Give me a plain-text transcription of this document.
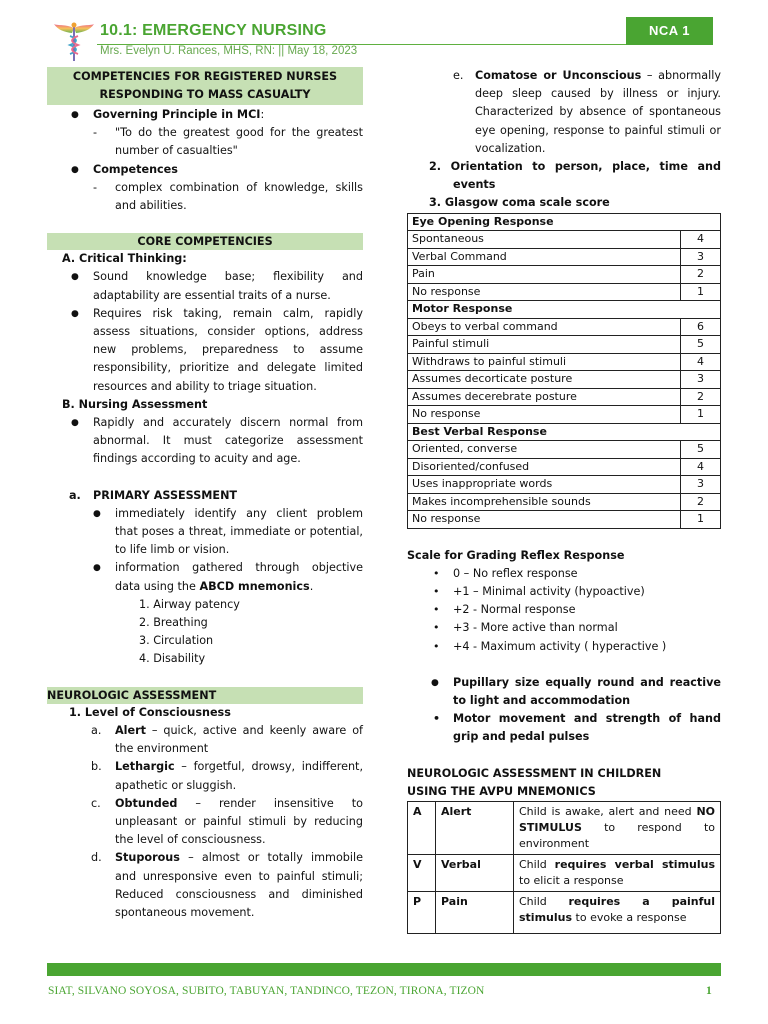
10.1: EMERGENCY NURSING
Mrs. Evelyn U. Rances, MHS, RN: || May 18, 2023
NCA 1
COMPETENCIES FOR REGISTERED NURSES
RESPONDING TO MASS CASUALTY
● Governing Principle in MCI:
- "To do the greatest good for the greatest number of casualties"
● Competences
- complex combination of knowledge, skills and abilities.
CORE COMPETENCIES
A. Critical Thinking:
● Sound knowledge base; flexibility and adaptability are essential traits of a nurse.
● Requires risk taking, remain calm, rapidly assess situations, consider options, address new problems, preparedness to assume responsibility, prioritize and delegate limited resources and ability to triage situation.
B. Nursing Assessment
● Rapidly and accurately discern normal from abnormal. It must categorize assessment findings according to acuity and age.
a. PRIMARY ASSESSMENT
● immediately identify any client problem that poses a threat, immediate or potential, to life limb or vision.
● information gathered through objective data using the ABCD mnemonics.
1. Airway patency
2. Breathing
3. Circulation
4. Disability
NEUROLOGIC ASSESSMENT
1. Level of Consciousness
a. Alert – quick, active and keenly aware of the environment
b. Lethargic – forgetful, drowsy, indifferent, apathetic or sluggish.
c. Obtunded – render insensitive to unpleasant or painful stimuli by reducing the level of consciousness.
d. Stuporous – almost or totally immobile and unresponsive even to painful stimuli; Reduced consciousness and diminished spontaneous movement.
e. Comatose or Unconscious – abnormally deep sleep caused by illness or injury. Characterized by absence of spontaneous eye opening, response to painful stimuli or vocalization.
2. Orientation to person, place, time and events
3. Glasgow coma scale score
Eye Opening Response	
Spontaneous	4
Verbal Command	3
Pain	2
No response	1
Motor Response	
Obeys to verbal command	6
Painful stimuli	5
Withdraws to painful stimuli	4
Assumes decorticate posture	3
Assumes decerebrate posture	2
No response	1
Best Verbal Response	
Oriented, converse	5
Disoriented/confused	4
Uses inappropriate words	3
Makes incomprehensible sounds	2
No response	1
Scale for Grading Reflex Response
• 0 – No reflex response
• +1 – Minimal activity (hypoactive)
• +2 - Normal response
• +3 - More active than normal
• +4 - Maximum activity ( hyperactive )
● Pupillary size equally round and reactive to light and accommodation
• Motor movement and strength of hand grip and pedal pulses
NEUROLOGIC ASSESSMENT IN CHILDREN
USING THE AVPU MNEMONICS
A	Alert	Child is awake, alert and need NO STIMULUS to respond to environment
V	Verbal	Child requires verbal stimulus to elicit a response
P	Pain	Child requires a painful stimulus to evoke a response
SIAT, SILVANO SOYOSA, SUBITO, TABUYAN, TANDINCO, TEZON, TIRONA, TIZON	1
